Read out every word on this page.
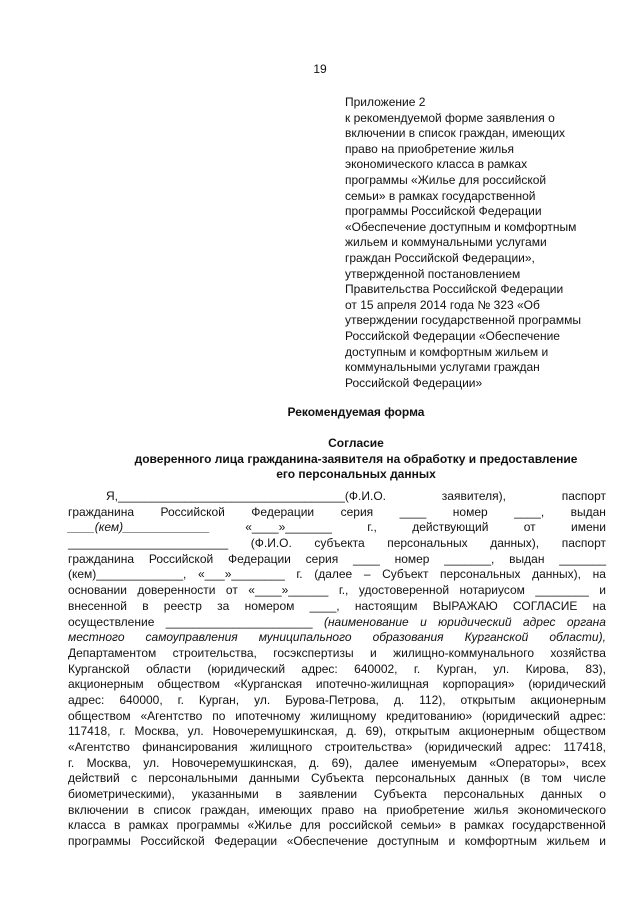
19
Приложение 2
к рекомендуемой форме заявления о
включении в список граждан, имеющих
право на приобретение жилья
экономического класса в рамках
программы «Жилье для российской
семьи» в рамках государственной
программы Российской Федерации
«Обеспечение доступным и комфортным
жильем и коммунальными услугами
граждан Российской Федерации»,
утвержденной постановлением
Правительства Российской Федерации
от 15 апреля 2014 года № 323 «Об
утверждении государственной программы
Российской Федерации «Обеспечение
доступным и комфортным жильем и
коммунальными услугами граждан
Российской Федерации»
Рекомендуемая форма
Согласие
доверенного лица гражданина-заявителя на обработку и предоставление
его персональных данных
Я,__________________________________(Ф.И.О.	заявителя),	паспорт
гражданина Российской Федерации серия ____ номер ____, выдан
____(кем)_____________	«____»_______	г.,	действующий	от	имени
________________________ (Ф.И.О. субъекта персональных данных), паспорт
гражданина Российской Федерации серия ____ номер _______, выдан _______
(кем)_____________, «___»________ г. (далее – Субъект персональных данных), на
основании доверенности от «____»______ г., удостоверенной нотариусом ________ и
внесенной в реестр за номером ____, настоящим ВЫРАЖАЮ СОГЛАСИЕ на
осуществление ______________________ (наименование и юридический адрес органа
местного самоуправления муниципального образования Курганской области),
Департаментом строительства, госэкспертизы и жилищно-коммунального хозяйства
Курганской области (юридический адрес: 640002, г. Курган, ул. Кирова, 83),
акционерным обществом «Курганская ипотечно-жилищная корпорация» (юридический
адрес: 640000, г. Курган, ул. Бурова-Петрова, д. 112), открытым акционерным
обществом «Агентство по ипотечному жилищному кредитованию» (юридический адрес:
117418, г. Москва, ул. Новочеремушкинская, д. 69), открытым акционерным обществом
«Агентство финансирования жилищного строительства» (юридический адрес: 117418,
г. Москва, ул. Новочеремушкинская, д. 69), далее именуемым «Операторы», всех
действий с персональными данными Субъекта персональных данных (в том числе
биометрическими), указанными в заявлении Субъекта персональных данных о
включении в список граждан, имеющих право на приобретение жилья экономического
класса в рамках программы «Жилье для российской семьи» в рамках государственной
программы Российской Федерации «Обеспечение доступным и комфортным жильем и
